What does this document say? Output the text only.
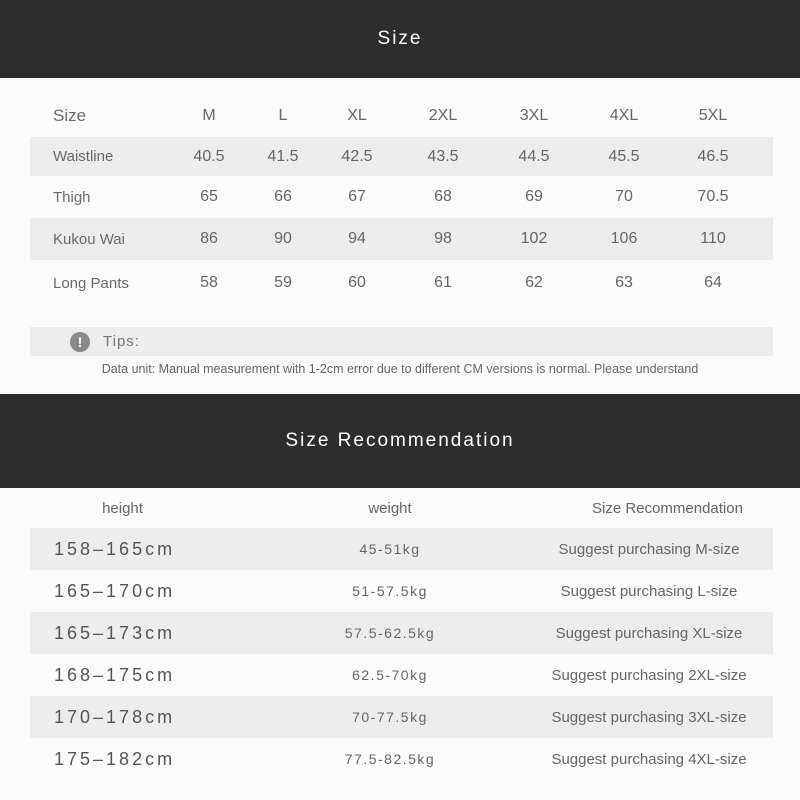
Size
Size	M	L	XL	2XL	3XL	4XL	5XL
Waistline	40.5	41.5	42.5	43.5	44.5	45.5	46.5
Thigh	65	66	67	68	69	70	70.5
Kukou Wai	86	90	94	98	102	106	110
Long Pants	58	59	60	61	62	63	64
!	Tips:
Data unit: Manual measurement with 1-2cm error due to different CM versions is normal. Please understand
Size Recommendation
height	weight	Size Recommendation
158–165cm	45-51kg	Suggest purchasing M-size
165–170cm	51-57.5kg	Suggest purchasing L-size
165–173cm	57.5-62.5kg	Suggest purchasing XL-size
168–175cm	62.5-70kg	Suggest purchasing 2XL-size
170–178cm	70-77.5kg	Suggest purchasing 3XL-size
175–182cm	77.5-82.5kg	Suggest purchasing 4XL-size
